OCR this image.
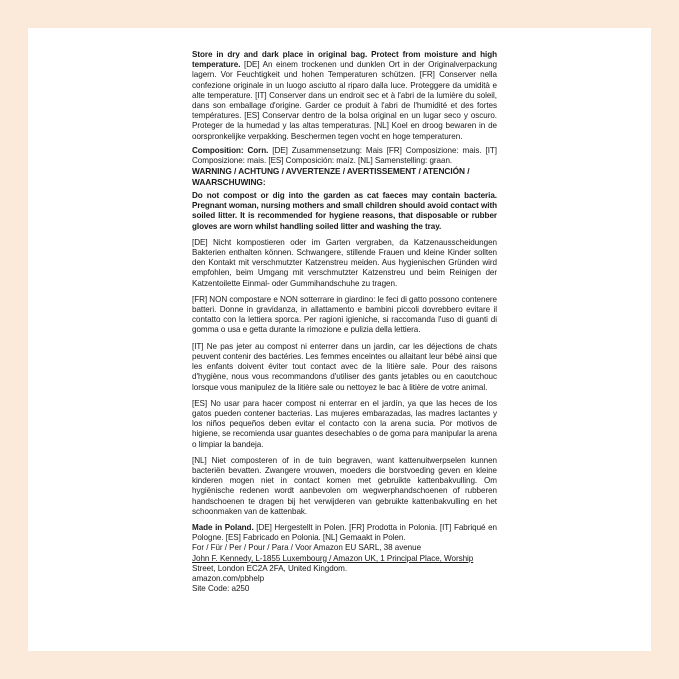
Store in dry and dark place in original bag. Protect from moisture and high temperature. [DE] An einem trockenen und dunklen Ort in der Originalverpackung lagern. Vor Feuchtigkeit und hohen Temperaturen schützen. [FR] Conserver nella confezione originale in un luogo asciutto al riparo dalla luce. Proteggere da umidità e alte temperature. [IT] Conserver dans un endroit sec et à l'abri de la lumière du soleil, dans son emballage d'origine. Garder ce produit à l'abri de l'humidité et des fortes températures. [ES] Conservar dentro de la bolsa original en un lugar seco y oscuro. Proteger de la humedad y las altas temperaturas. [NL] Koel en droog bewaren in de oorspronkelijke verpakking. Beschermen tegen vocht en hoge temperaturen.

Composition: Corn. [DE] Zusammensetzung: Mais [FR] Composizione: mais. [IT] Composizione: mais. [ES] Composición: maíz. [NL] Samenstelling: graan.

WARNING / ACHTUNG / AVVERTENZE / AVERTISSEMENT / ATENCIÓN / WAARSCHUWING:

Do not compost or dig into the garden as cat faeces may contain bacteria. Pregnant woman, nursing mothers and small children should avoid contact with soiled litter. It is recommended for hygiene reasons, that disposable or rubber gloves are worn whilst handling soiled litter and washing the tray.

[DE] Nicht kompostieren oder im Garten vergraben, da Katzenausscheidungen Bakterien enthalten können. Schwangere, stillende Frauen und kleine Kinder sollten den Kontakt mit verschmutzter Katzenstreu meiden. Aus hygienischen Gründen wird empfohlen, beim Umgang mit verschmutzter Katzenstreu und beim Reinigen der Katzentoilette Einmal- oder Gummihandschuhe zu tragen.

[FR] NON compostare e NON sotterrare in giardino: le feci di gatto possono contenere batteri. Donne in gravidanza, in allattamento e bambini piccoli dovrebbero evitare il contatto con la lettiera sporca. Per ragioni igieniche, si raccomanda l'uso di guanti di gomma o usa e getta durante la rimozione e pulizia della lettiera.

[IT] Ne pas jeter au compost ni enterrer dans un jardin, car les déjections de chats peuvent contenir des bactéries. Les femmes enceintes ou allaitant leur bébé ainsi que les enfants doivent éviter tout contact avec de la litière sale. Pour des raisons d'hygiène, nous vous recommandons d'utiliser des gants jetables ou en caoutchouc lorsque vous manipulez de la litière sale ou nettoyez le bac à litière de votre animal.

[ES] No usar para hacer compost ni enterrar en el jardín, ya que las heces de los gatos pueden contener bacterias. Las mujeres embarazadas, las madres lactantes y los niños pequeños deben evitar el contacto con la arena sucia. Por motivos de higiene, se recomienda usar guantes desechables o de goma para manipular la arena o limpiar la bandeja.

[NL] Niet composteren of in de tuin begraven, want kattenuitwerpselen kunnen bacteriën bevatten. Zwangere vrouwen, moeders die borstvoeding geven en kleine kinderen mogen niet in contact komen met gebruikte kattenbakvulling. Om hygiënische redenen wordt aanbevolen om wegwerphandschoenen of rubberen handschoenen te dragen bij het verwijderen van gebruikte kattenbakvulling en het schoonmaken van de kattenbak.

Made in Poland. [DE] Hergestellt in Polen. [FR] Prodotta in Polonia. [IT] Fabriqué en Pologne. [ES] Fabricado en Polonia. [NL] Gemaakt in Polen.

For / Für / Per / Pour / Para / Voor Amazon EU SARL, 38 avenue

John F. Kennedy, L-1855 Luxembourg / Amazon UK, 1 Principal Place, Worship

Street, London EC2A 2FA, United Kingdom.

amazon.com/pbhelp

Site Code: a250
